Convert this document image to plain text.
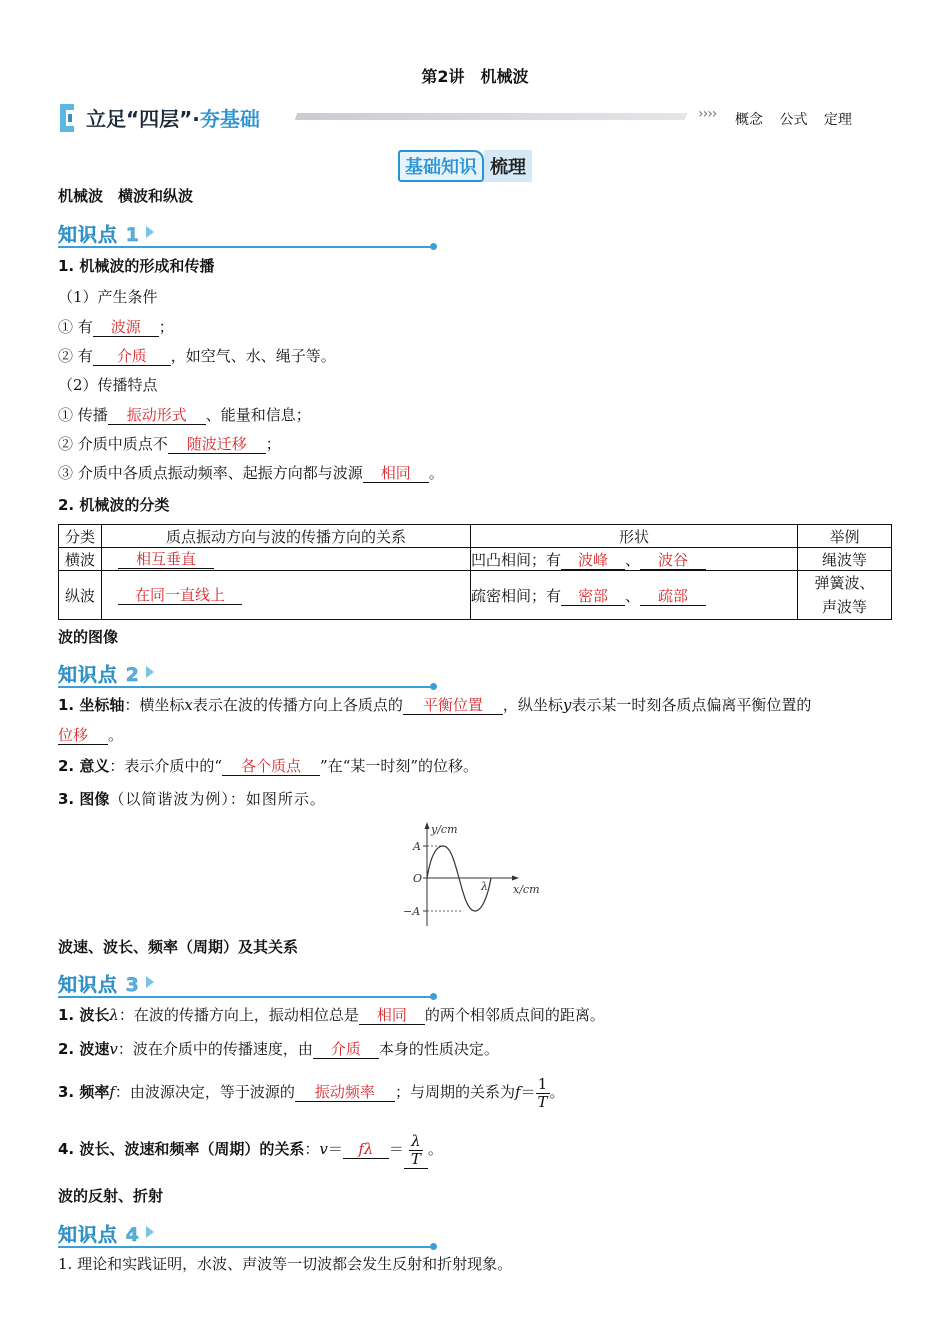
第2讲　机械波
立足“四层”·夯基础	›››› 概念 公式 定理
基础知识 梳理
机械波　横波和纵波
知识点 1
1. 机械波的形成和传播
（1）产生条件
① 有 波源 ；
② 有 介质 ，如空气、水、绳子等。
（2）传播特点
① 传播 振动形式 、能量和信息；
② 介质中质点不 随波迁移 ；
③ 介质中各质点振动频率、起振方向都与波源 相同 。
2. 机械波的分类
分类	质点振动方向与波的传播方向的关系	形状	举例
横波	相互垂直	凹凸相间；有 波峰 、 波谷	绳波等
纵波	在同一直线上	疏密相间；有 密部 、 疏部	弹簧波、
声波等
波的图像
知识点 2
1. 坐标轴：横坐标x表示在波的传播方向上各质点的 平衡位置 ，纵坐标y表示某一时刻各质点偏离平衡位置的
位移 。
2. 意义：表示介质中的“ 各个质点 ”在“某一时刻”的位移。
3. 图像（以简谐波为例）：如图所示。
y/cm
x/cm
A
O
−A
λ
波速、波长、频率（周期）及其关系
知识点 3
1. 波长λ：在波的传播方向上，振动相位总是 相同 的两个相邻质点间的距离。
2. 波速v：波在介质中的传播速度，由 介质 本身的性质决定。
3. 频率f：由波源决定，等于波源的 振动频率 ；与周期的关系为$f= \frac{1}{T}$ 。
4. 波长、波速和频率（周期）的关系：$v= f\lambda = \frac{\lambda}{T}$ 。
波的反射、折射
知识点 4
1. 理论和实践证明，水波、声波等一切波都会发生反射和折射现象。
